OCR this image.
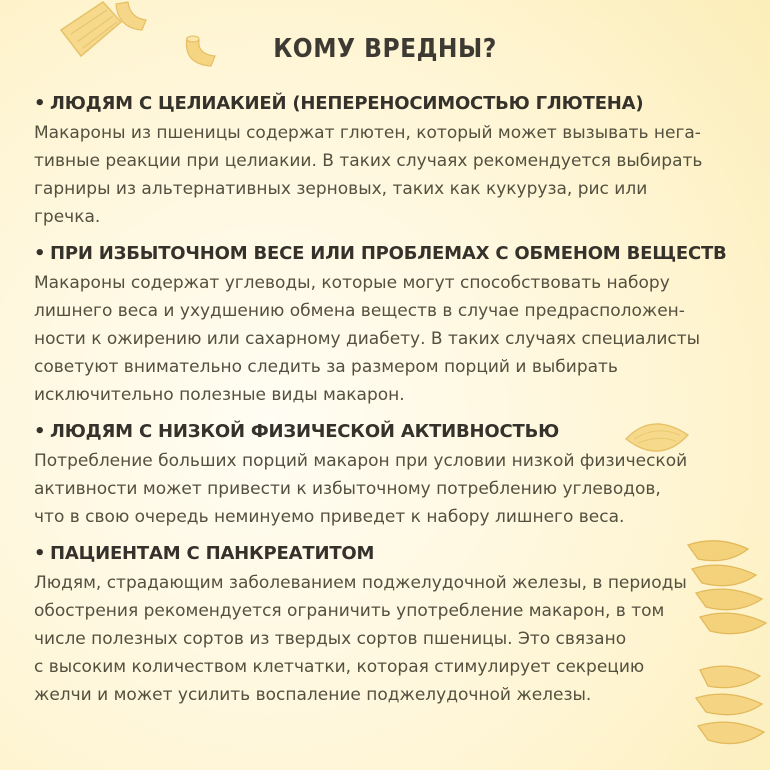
КОМУ ВРЕДНЫ?
• ЛЮДЯМ С ЦЕЛИАКИЕЙ (НЕПЕРЕНОСИМОСТЬЮ ГЛЮТЕНА)
Макароны из пшеницы содержат глютен, который может вызывать нега-
тивные реакции при целиакии. В таких случаях рекомендуется выбирать
гарниры из альтернативных зерновых, таких как кукуруза, рис или
гречка.
• ПРИ ИЗБЫТОЧНОМ ВЕСЕ ИЛИ ПРОБЛЕМАХ С ОБМЕНОМ ВЕЩЕСТВ
Макароны содержат углеводы, которые могут способствовать набору
лишнего веса и ухудшению обмена веществ в случае предрасположен-
ности к ожирению или сахарному диабету. В таких случаях специалисты
советуют внимательно следить за размером порций и выбирать
исключительно полезные виды макарон.
• ЛЮДЯМ С НИЗКОЙ ФИЗИЧЕСКОЙ АКТИВНОСТЬЮ
Потребление больших порций макарон при условии низкой физической
активности может привести к избыточному потреблению углеводов,
что в свою очередь неминуемо приведет к набору лишнего веса.
• ПАЦИЕНТАМ С ПАНКРЕАТИТОМ
Людям, страдающим заболеванием поджелудочной железы, в периоды
обострения рекомендуется ограничить употребление макарон, в том
числе полезных сортов из твердых сортов пшеницы. Это связано
с высоким количеством клетчатки, которая стимулирует секрецию
желчи и может усилить воспаление поджелудочной железы.
